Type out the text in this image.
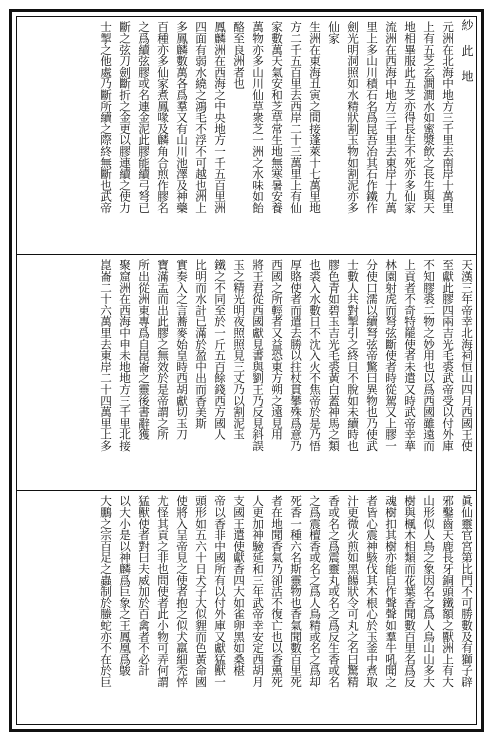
紗 此 地
元洲在北海中地方三千里去南岸十萬里
上有五芝玄澗澗水如蜜漿飲之長生與天
地相畢服此五芝亦得長生不死亦多仙家
流洲在西海中地方三千里去東岸十九萬
里上多山川積石名爲昆吾冶其石作鐵作
劍光明洞照如水精狀割玉物如割泥亦多
仙家
生洲在東海丑寅之間接蓬萊十七萬里地
方二千五百里去西岸二十三萬里上有仙
家數萬天氣安和芝草常生地無寒暑安養
萬物亦多山川仙草衆芝一洲之水味如飴
酪至良洲者也
鳳麟洲在西海之中央地方一千五百里洲
四面有弱水繞之鴻毛不浮不可越也洲上
多鳳麟數萬各爲羣又有山川池澤及神藥
百種亦多仙家煮鳳喙及麟角合煎作膠名
之爲續弦膠或名連金泥此膠能續弓弩已
斷之弦刀劍斷折之金更以膠連續之使力
士掣之他處乃斷所續之際終無斷也武帝
天漢三年帝幸北海祠恒山四月西國王使
至獻此膠四兩吉光毛裘武帝受以付外庫
不知膠裘二物之妙用也以爲西國雖遠而
上貢者不奇特罷使者未遣又時武帝幸華
林園射虎而弩弦斷使者時從駕又上膠一
分使口濡以續弩弦帝驚曰異物也乃使武
士數人共對掣引之終日不脫如未續時也
膠色青如碧玉吉光毛裘黃白蓋神馬之類
也裘入水數日不沈入火不焦帝於是乃悟
厚賂使者而遣去勝以拄杖貫攀殊爲意乃
西國之所輕者又益恐東方朔之遠見用
將王君從西國獻見書與劉王乃反見斜誤
玉之精光明夜照照見三丈乃以割泥玉
鐵之不同至於一斤五百餘錢西方國人
比明而水計已滿於盈中出而香美斯
實奏入之言蕎麥始皇時西胡獻切玉刀
寶滿盂而出此膠之無效於是帝謂之所
所出從洲東專爲自崑崙之靈後書辭獲
聚窟洲在西海中申未地地方三千里北接
崑崙二十六萬里去東岸二十四萬里上多
眞仙靈官宮第比門不可勝數及有獅子辟
邪鑿齒天鹿長牙銅頭鐵額之獸洲上有大
山形似人鳥之象因名之爲人鳥山山多大
樹與楓木相類而花葉香聞數百里名爲反
魂樹扣其樹亦能自作聲聲如羣牛吼聞之
者皆心震神駭伐其木根心於玉釜中煮取
汁更微火煎如黑餳狀令可丸之名曰驚精
香或名之爲震靈丸或名之爲反生香或名
之爲震檀香或名之爲人鳥精或名之爲却
死香一種六名斯靈物也香氣聞數百里死
者在地聞香氣乃卻活不復亡也以香熏死
人更加神驗延和三年武帝幸安定西胡月
支國王遣使獻香四大如雀卵黑如桑椹
帝以香非中國所有以付外庫又獻猛獸一
頭形如五六十日犬子大似貍而色黃命國
使將入呈帝見之使者抱之似犬羸細禿悴
尤怪其貢之非也問使者此小物可弄何謂
猛獸使者對曰夫威加於百禽者不必計
以大小是以神麟爲巨象之王鳳凰爲鵔
大鵬之宗百足之蟲制於螣蛇亦不在於巨
